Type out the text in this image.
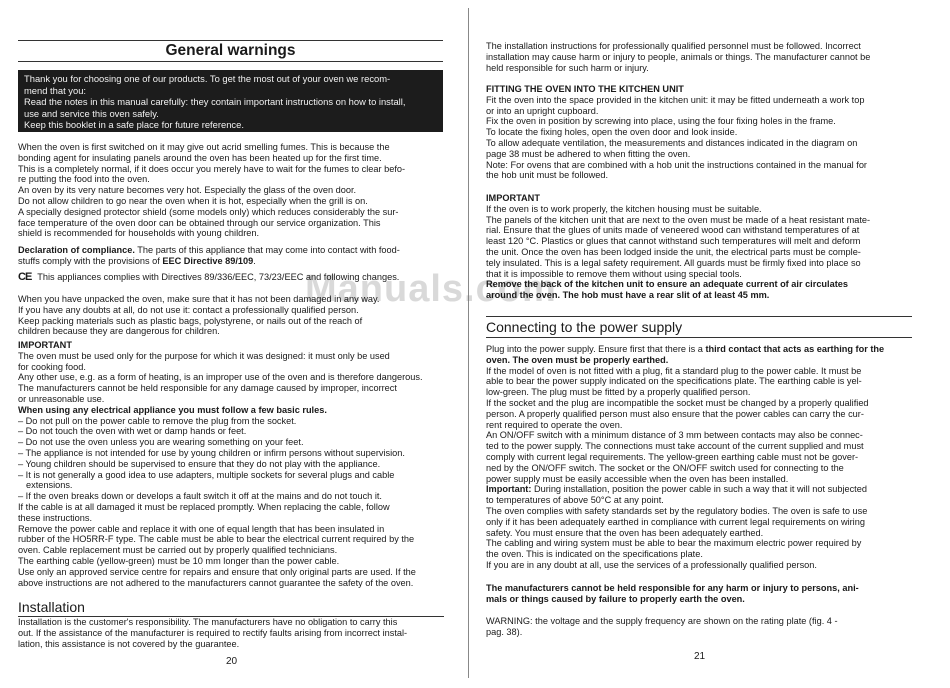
Manuals.com
General warnings
Thank you for choosing one of our products. To get the most out of your oven we recom-
mend that you:
Read the notes in this manual carefully: they contain important instructions on how to install,
use and service this oven safely.
Keep this booklet in a safe place for future reference.

When the oven is first switched on it may give out acrid smelling fumes. This is because the

bonding agent for insulating panels around the oven has been heated up for the first time.

This is a completely normal, if it does occur you merely have to wait for the fumes to clear befo-

re putting the food into the oven.

An oven by its very nature becomes very hot. Especially the glass of the oven door.

Do not allow children to go near the oven when it is hot, especially when the grill is on.

A specially designed protector shield (some models only) which reduces considerably the sur-

face temperature of the oven door can be obtained through our service organization. This

shield is recommended for households with young children.

Declaration of compliance. The parts of this appliance that may come into contact with food-

stuffs comply with the provisions of EEC Directive 89/109.

CE This appliances complies with Directives 89/336/EEC, 73/23/EEC and following changes.

When you have unpacked the oven, make sure that it has not been damaged in any way.

If you have any doubts at all, do not use it: contact a professionally qualified person.

Keep packing materials such as plastic bags, polystyrene, or nails out of the reach of

children because they are dangerous for children.

IMPORTANT

The oven must be used only for the purpose for which it was designed: it must only be used

for cooking food.

Any other use, e.g. as a form of heating, is an improper use of the oven and is therefore dangerous.

The manufacturers cannot be held responsible for any damage caused by improper, incorrect

or unreasonable use.

When using any electrical appliance you must follow a few basic rules.

– Do not pull on the power cable to remove the plug from the socket.

– Do not touch the oven with wet or damp hands or feet.

– Do not use the oven unless you are wearing something on your feet.

– The appliance is not intended for use by young children or infirm persons without supervision.

– Young children should be supervised to ensure that they do not play with the appliance.

– It is not generally a good idea to use adapters, multiple sockets for several plugs and cable

extensions.

– If the oven breaks down or develops a fault switch it off at the mains and do not touch it.

If the cable is at all damaged it must be replaced promptly. When replacing the cable, follow

these instructions.

Remove the power cable and replace it with one of equal length that has been insulated in

rubber of the HO5RR-F type. The cable must be able to bear the electrical current required by the

oven. Cable replacement must be carried out by properly qualified technicians.

The earthing cable (yellow-green) must be 10 mm longer than the power cable.

Use only an approved service centre for repairs and ensure that only original parts are used. If the

above instructions are not adhered to the manufacturers cannot guarantee the safety of the oven.

Installation

Installation is the customer's responsibility. The manufacturers have no obligation to carry this

out. If the assistance of the manufacturer is required to rectify faults arising from incorrect instal-

lation, this assistance is not covered by the guarantee.

20

The installation instructions for professionally qualified personnel must be followed. Incorrect

installation may cause harm or injury to people, animals or things. The manufacturer cannot be

held responsible for such harm or injury.

FITTING THE OVEN INTO THE KITCHEN UNIT

Fit the oven into the space provided in the kitchen unit: it may be fitted underneath a work top

or into an upright cupboard.

Fix the oven in position by screwing into place, using the four fixing holes in the frame.

To locate the fixing holes, open the oven door and look inside.

To allow adequate ventilation, the measurements and distances indicated in the diagram on

page 38 must be adhered to when fitting the oven.

Note: For ovens that are combined with a hob unit the instructions contained in the manual for

the hob unit must be followed.

IMPORTANT

If the oven is to work properly, the kitchen housing must be suitable.

The panels of the kitchen unit that are next to the oven must be made of a heat resistant mate-

rial. Ensure that the glues of units made of veneered wood can withstand temperatures of at

least 120 °C. Plastics or glues that cannot withstand such temperatures will melt and deform

the unit. Once the oven has been lodged inside the unit, the electrical parts must be comple-

tely insulated. This is a legal safety requirement. All guards must be firmly fixed into place so

that it is impossible to remove them without using special tools.

Remove the back of the kitchen unit to ensure an adequate current of air circulates

around the oven. The hob must have a rear slit of at least 45 mm.

Connecting to the power supply

Plug into the power supply. Ensure first that there is a third contact that acts as earthing for the

oven. The oven must be properly earthed.

If the model of oven is not fitted with a plug, fit a standard plug to the power cable. It must be

able to bear the power supply indicated on the specifications plate. The earthing cable is yel-

low-green. The plug must be fitted by a properly qualified person.

If the socket and the plug are incompatible the socket must be changed by a properly qualified

person. A properly qualified person must also ensure that the power cables can carry the cur-

rent required to operate the oven.

An ON/OFF switch with a minimum distance of 3 mm between contacts may also be connec-

ted to the power supply. The connections must take account of the current supplied and must

comply with current legal requirements. The yellow-green earthing cable must not be gover-

ned by the ON/OFF switch. The socket or the ON/OFF switch used for connecting to the

power supply must be easily accessible when the oven has been installed.

Important: During installation, position the power cable in such a way that it will not subjected

to temperatures of above 50°C at any point.

The oven complies with safety standards set by the regulatory bodies. The oven is safe to use

only if it has been adequately earthed in compliance with current legal requirements on wiring

safety. You must ensure that the oven has been adequately earthed.

The cabling and wiring system must be able to bear the maximum electric power required by

the oven. This is indicated on the specifications plate.

If you are in any doubt at all, use the services of a professionally qualified person.

The manufacturers cannot be held responsible for any harm or injury to persons, ani-

mals or things caused by failure to properly earth the oven.

WARNING: the voltage and the supply frequency are shown on the rating plate (fig. 4 -

pag. 38).

21
